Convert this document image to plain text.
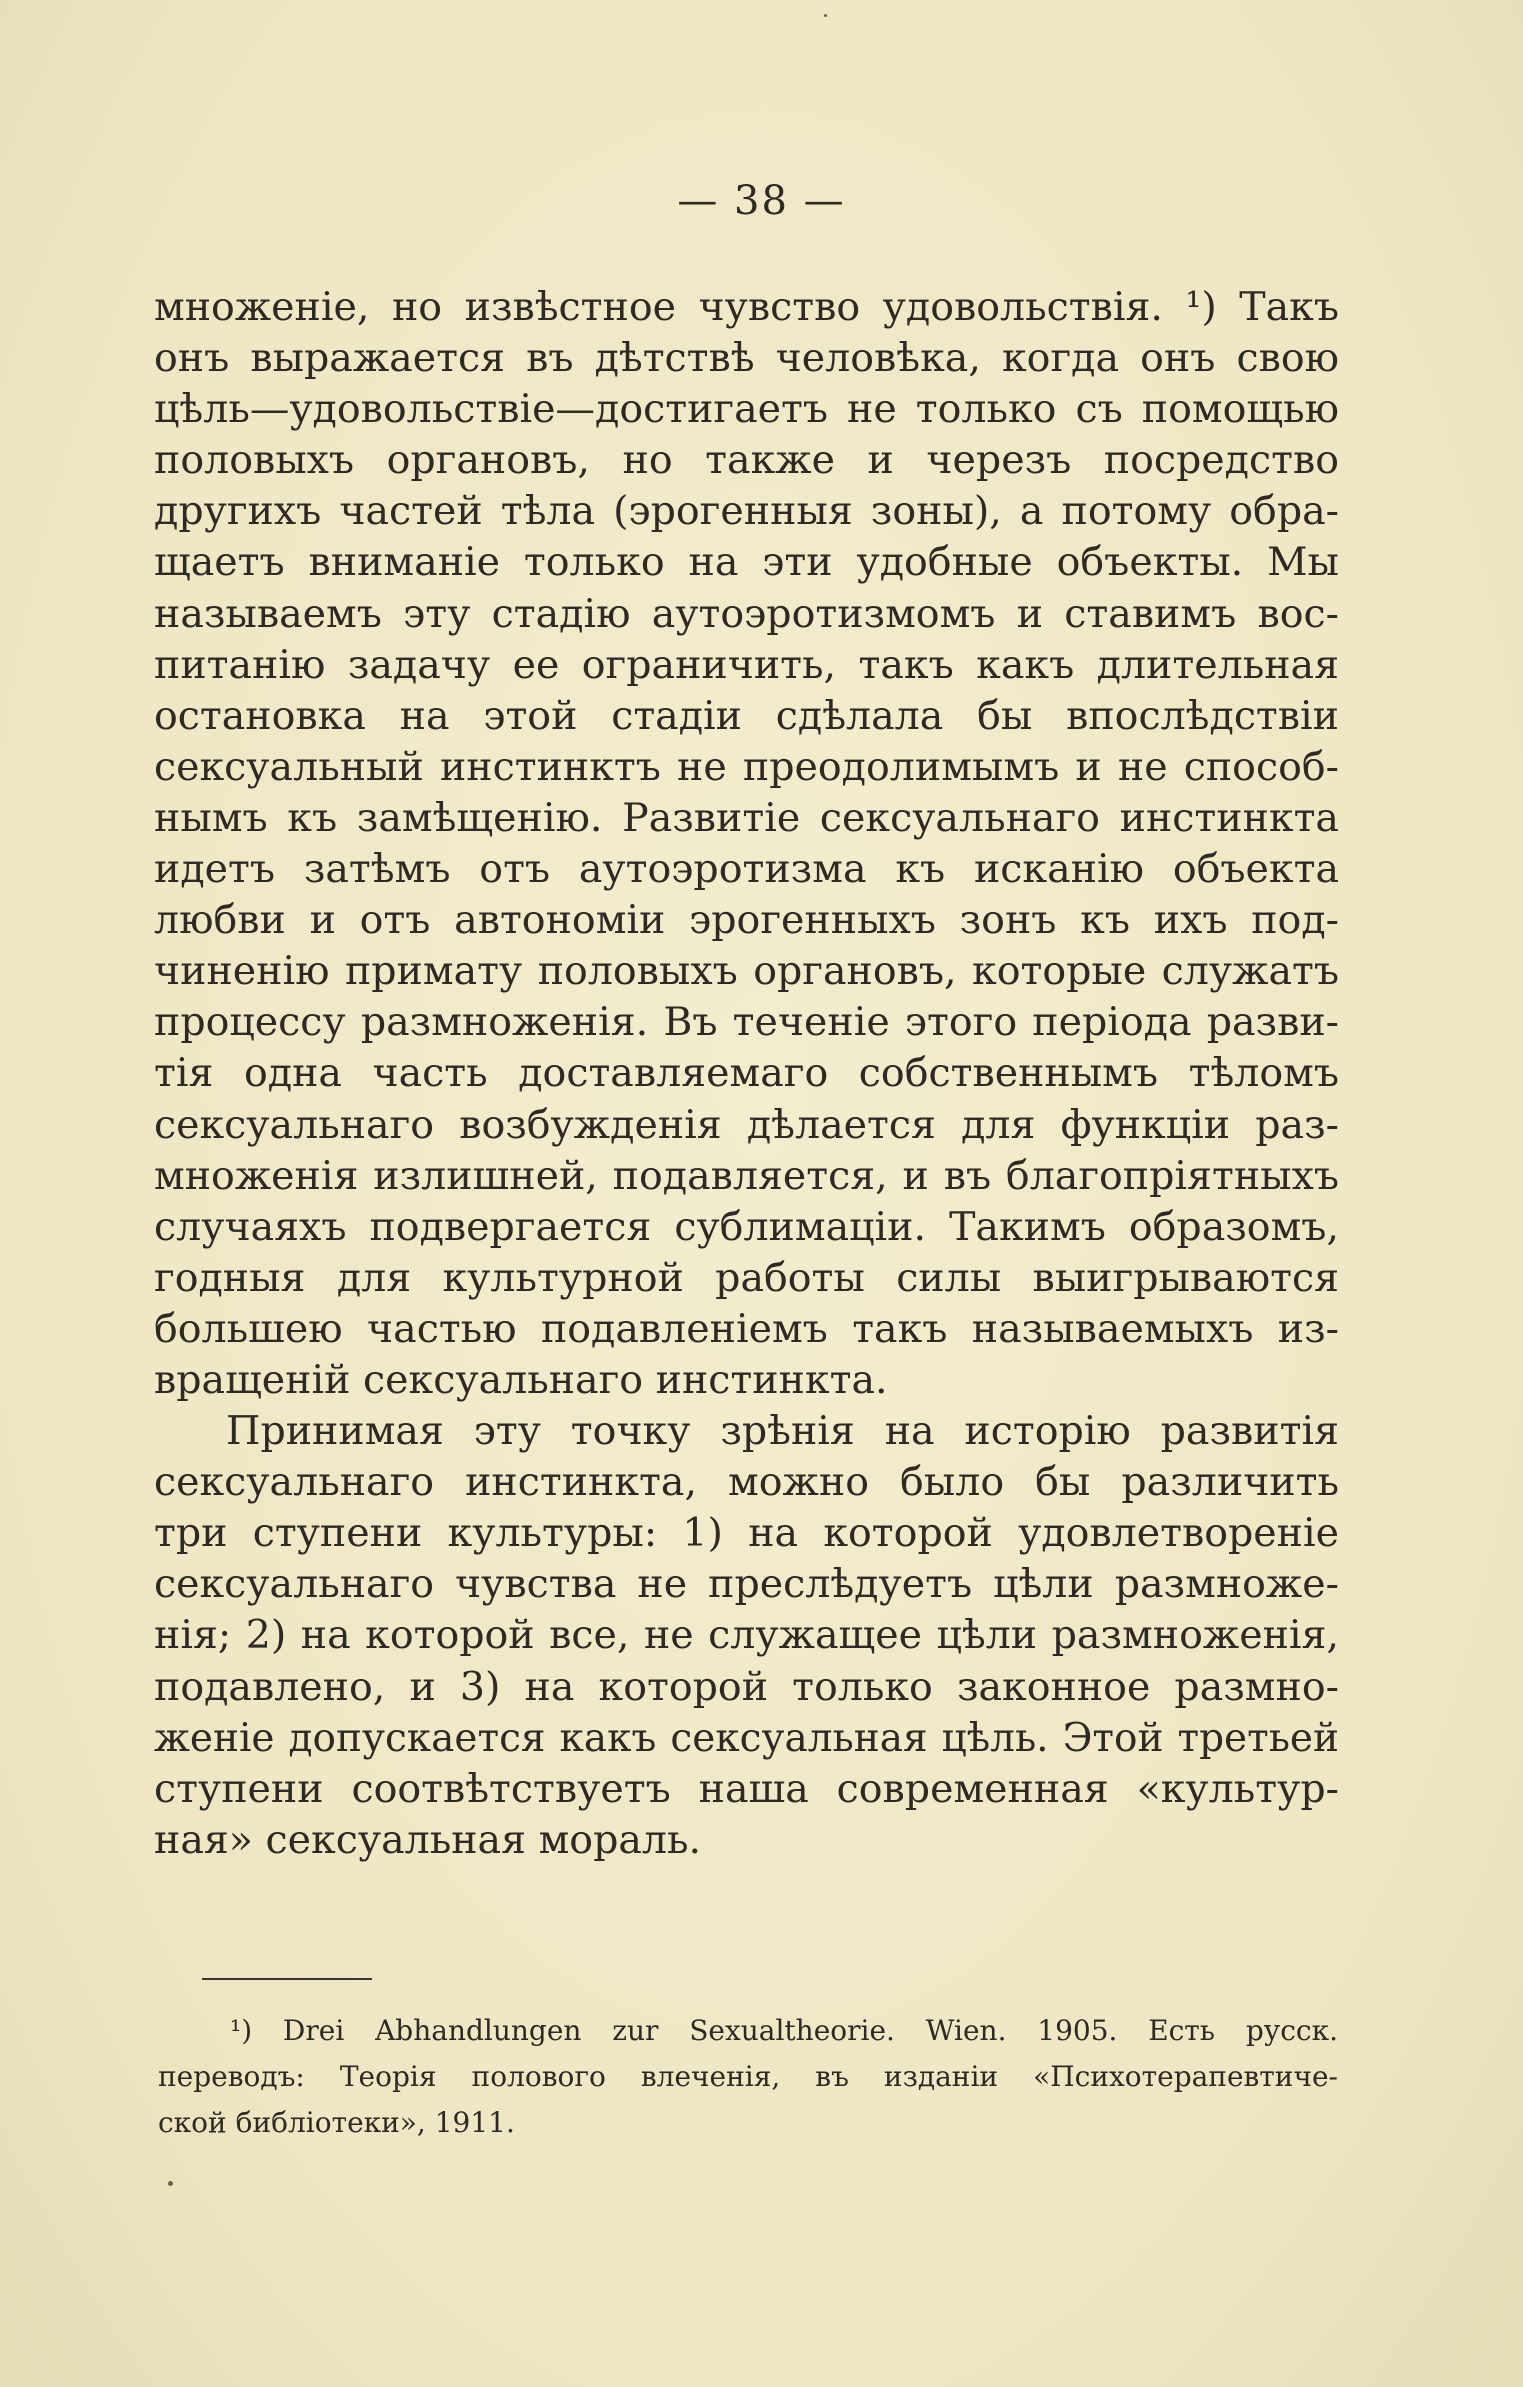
— 38 —
множеніе, но извѣстное чувство удовольствія. ¹) Такъ
онъ выражается въ дѣтствѣ человѣка, когда онъ свою
цѣль—удовольствіе—достигаетъ не только съ помощью
половыхъ органовъ, но также и черезъ посредство
другихъ частей тѣла (эрогенныя зоны), а потому обра-
щаетъ вниманіе только на эти удобные объекты. Мы
называемъ эту стадію аутоэротизмомъ и ставимъ вос-
питанію задачу ее ограничить, такъ какъ длительная
остановка на этой стадіи сдѣлала бы впослѣдствіи
сексуальный инстинктъ не преодолимымъ и не способ-
нымъ къ замѣщенію. Развитіе сексуальнаго инстинкта
идетъ затѣмъ отъ аутоэротизма къ исканію объекта
любви и отъ автономіи эрогенныхъ зонъ къ ихъ под-
чиненію примату половыхъ органовъ, которые служатъ
процессу размноженія. Въ теченіе этого періода разви-
тія одна часть доставляемаго собственнымъ тѣломъ
сексуальнаго возбужденія дѣлается для функціи раз-
множенія излишней, подавляется, и въ благопріятныхъ
случаяхъ подвергается сублимаціи. Такимъ образомъ,
годныя для культурной работы силы выигрываются
большею частью подавленіемъ такъ называемыхъ из-
вращеній сексуальнаго инстинкта.
Принимая эту точку зрѣнія на исторію развитія
сексуальнаго инстинкта, можно было бы различить
три ступени культуры: 1) на которой удовлетвореніе
сексуальнаго чувства не преслѣдуетъ цѣли размноже-
нія; 2) на которой все, не служащее цѣли размноженія,
подавлено, и 3) на которой только законное размно-
женіе допускается какъ сексуальная цѣль. Этой третьей
ступени соотвѣтствуетъ наша современная «культур-
ная» сексуальная мораль.
¹) Drei Abhandlungen zur Sexualtheorie. Wien. 1905. Есть русск.
переводъ: Теорія полового влеченія, въ изданіи «Психотерапевтиче-
ской библіотеки», 1911.
